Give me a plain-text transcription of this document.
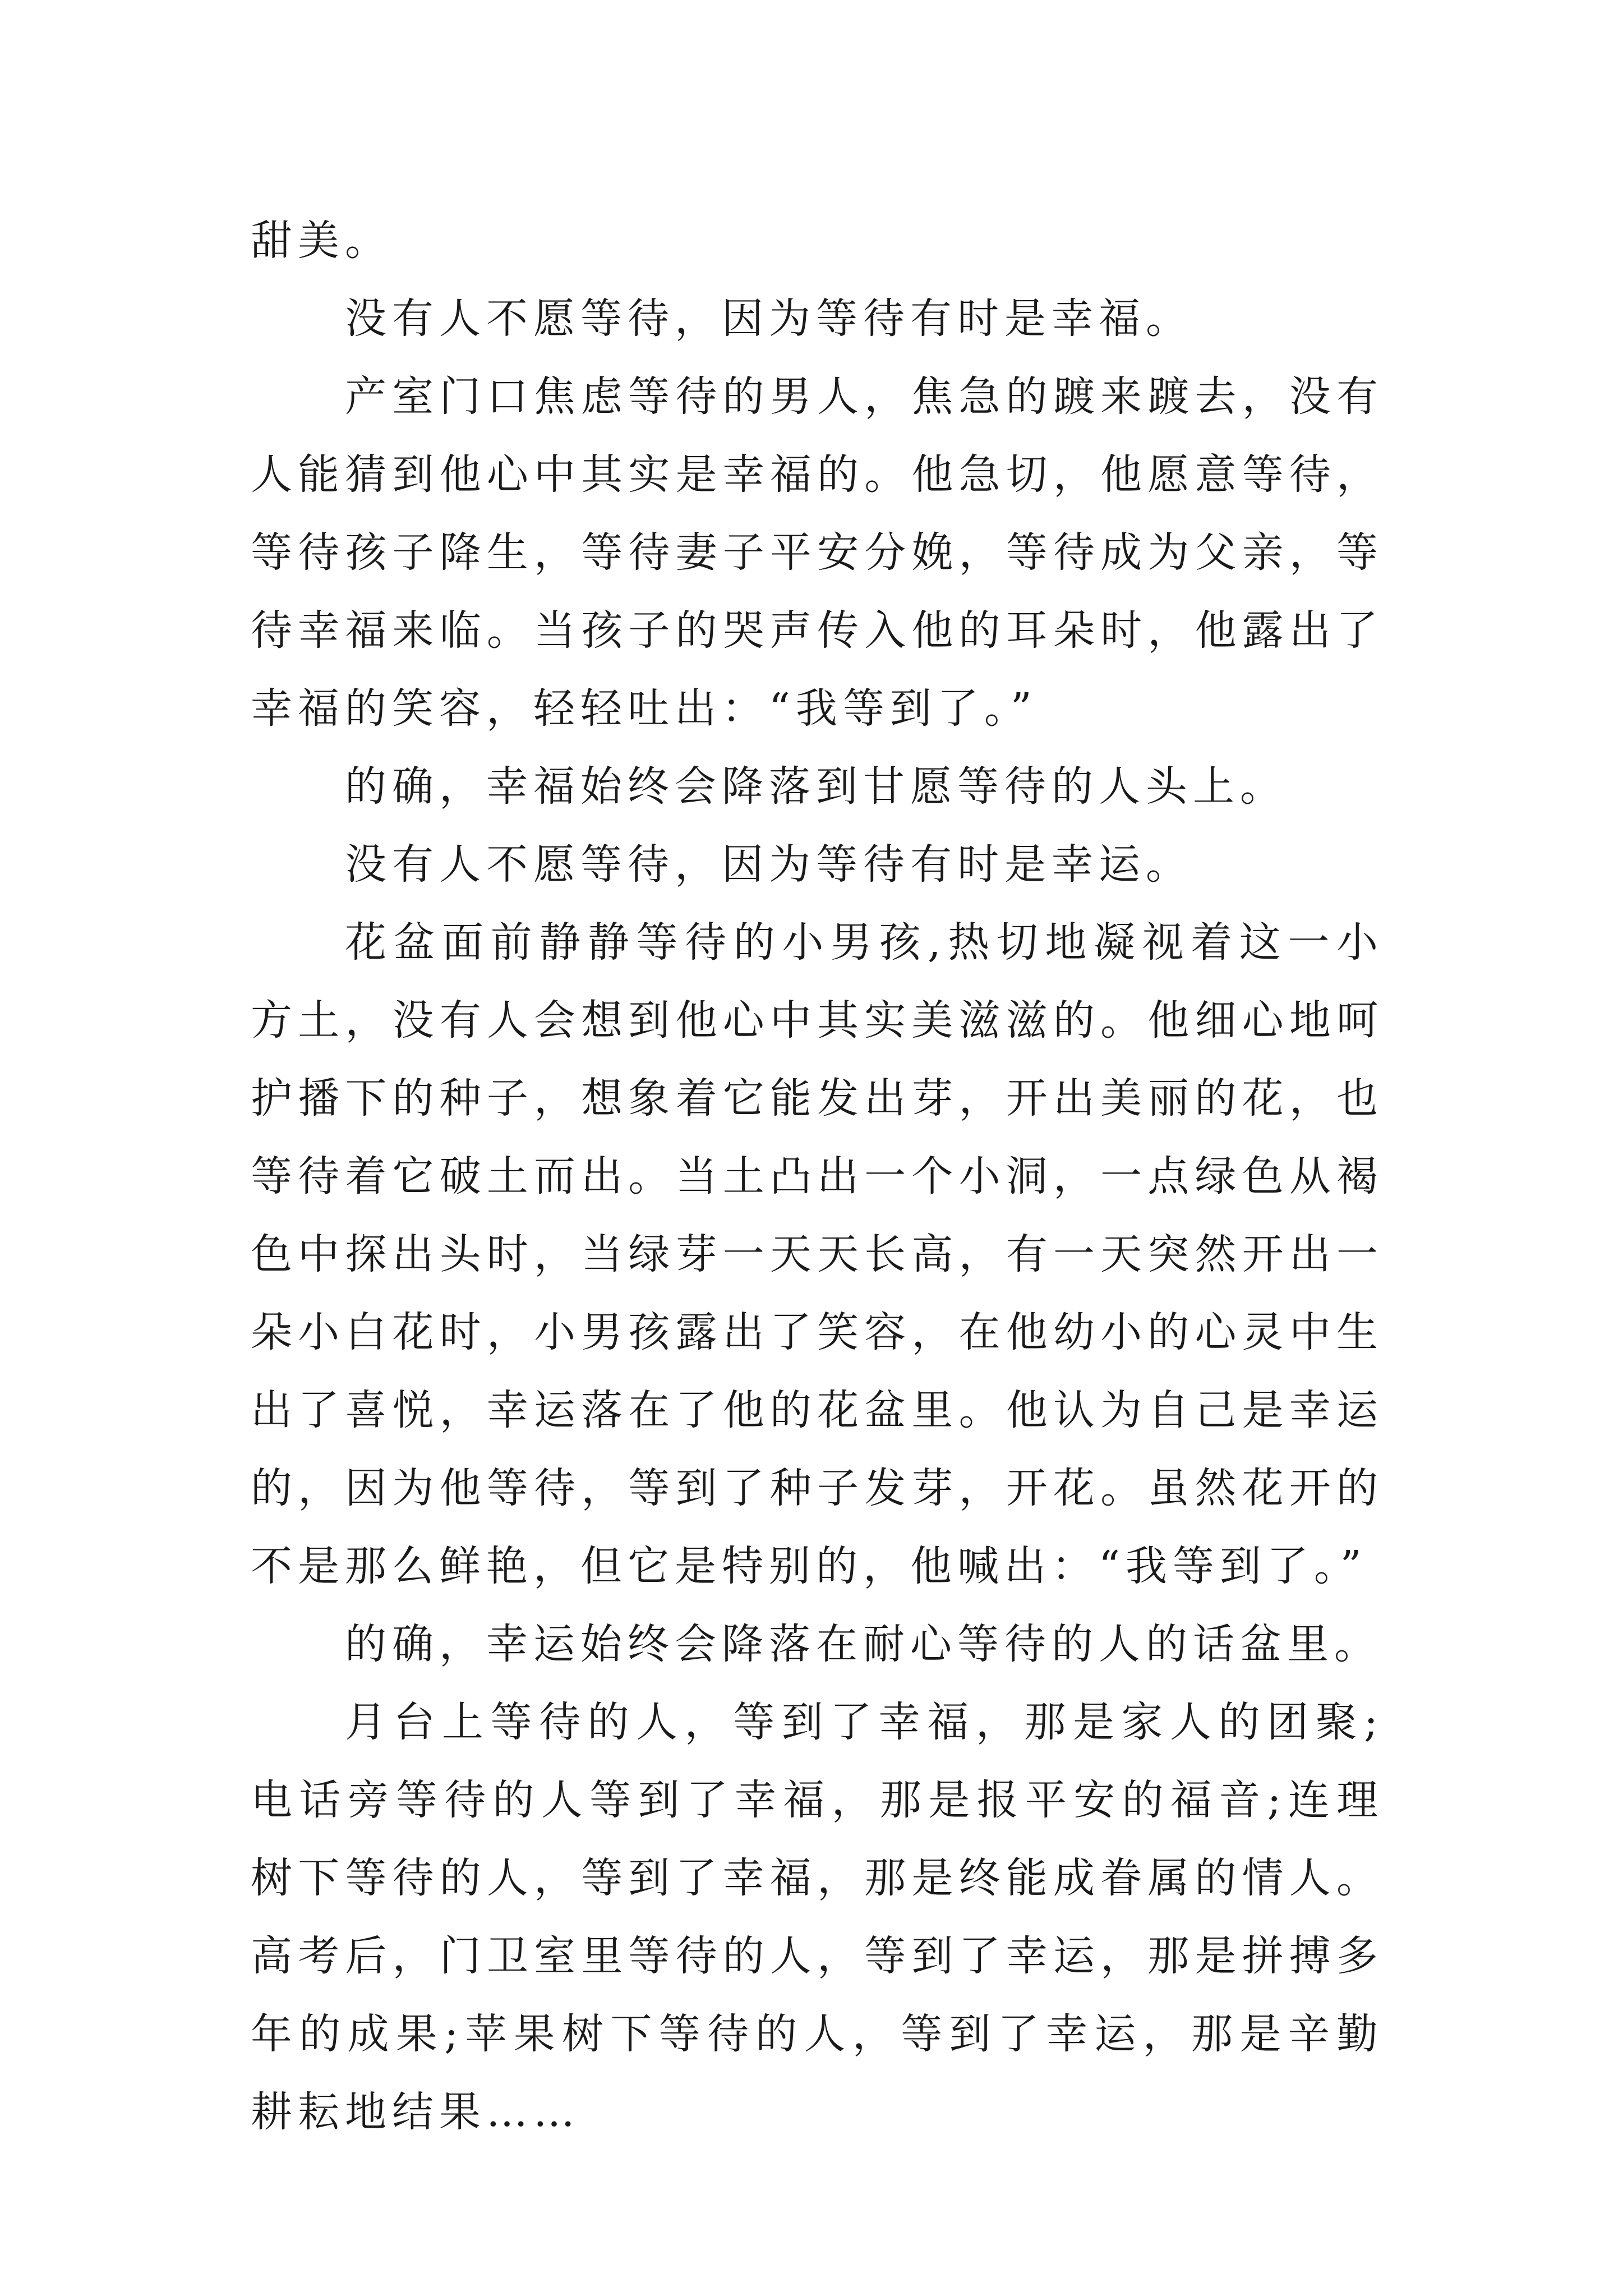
甜美。

没有人不愿等待，因为等待有时是幸福。

产室门口焦虑等待的男人，焦急的踱来踱去，没有人能猜到他心中其实是幸福的。他急切，他愿意等待，等待孩子降生，等待妻子平安分娩，等待成为父亲，等待幸福来临。当孩子的哭声传入他的耳朵时，他露出了幸福的笑容，轻轻吐出：“我等到了。”

的确，幸福始终会降落到甘愿等待的人头上。

没有人不愿等待，因为等待有时是幸运。

花盆面前静静等待的小男孩,热切地凝视着这一小方土，没有人会想到他心中其实美滋滋的。他细心地呵护播下的种子，想象着它能发出芽，开出美丽的花，也等待着它破土而出。当土凸出一个小洞，一点绿色从褐色中探出头时，当绿芽一天天长高，有一天突然开出一朵小白花时，小男孩露出了笑容，在他幼小的心灵中生出了喜悦，幸运落在了他的花盆里。他认为自己是幸运的，因为他等待，等到了种子发芽，开花。虽然花开的不是那么鲜艳，但它是特别的，他喊出：“我等到了。”

的确，幸运始终会降落在耐心等待的人的话盆里。

月台上等待的人，等到了幸福，那是家人的团聚;电话旁等待的人等到了幸福，那是报平安的福音;连理树下等待的人，等到了幸福，那是终能成眷属的情人。高考后，门卫室里等待的人，等到了幸运，那是拼搏多年的成果;苹果树下等待的人，等到了幸运，那是辛勤耕耘地结果……
